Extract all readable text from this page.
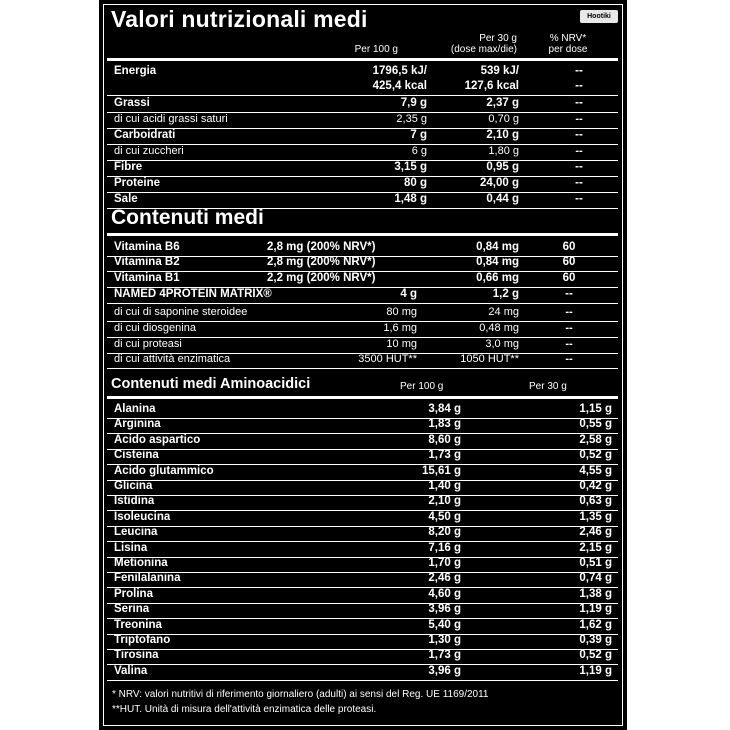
Valori nutrizionali medi	Hootiki
Per 100 g
Per 30 g
(dose max/die)
% NRV*
per dose
Energia	1796,5 kJ/	539 kJ/	--
425,4 kcal	127,6 kcal	--
Grassi	7,9 g	2,37 g	--
di cui acidi grassi saturi	2,35 g	0,70 g	--
Carboidrati	7 g	2,10 g	--
di cui zuccheri	6 g	1,80 g	--
Fibre	3,15 g	0,95 g	--
Proteine	80 g	24,00 g	--
Sale	1,48 g	0,44 g	--
Contenuti medi
Vitamina B6	2,8 mg (200% NRV*)	0,84 mg	60
Vitamina B2	2,8 mg (200% NRV*)	0,84 mg	60
Vitamina B1	2,2 mg (200% NRV*)	0,66 mg	60
NAMED 4PROTEIN MATRIX®	4 g	1,2 g	--
di cui di saponine steroidee	80 mg	24 mg	--
di cui diosgenina	1,6 mg	0,48 mg	--
di cui proteasi	10 mg	3,0 mg	--
di cui attività enzimatica	3500 HUT**	1050 HUT**	--
Contenuti medi Aminoacidici	Per 100 g	Per 30 g
Alanina	3,84 g	1,15 g
Arginina	1,83 g	0,55 g
Acido aspartico	8,60 g	2,58 g
Cisteina	1,73 g	0,52 g
Acido glutammico	15,61 g	4,55 g
Glicina	1,40 g	0,42 g
Istidina	2,10 g	0,63 g
Isoleucina	4,50 g	1,35 g
Leucina	8,20 g	2,46 g
Lisina	7,16 g	2,15 g
Metionina	1,70 g	0,51 g
Fenilalanina	2,46 g	0,74 g
Prolina	4,60 g	1,38 g
Serina	3,96 g	1,19 g
Treonina	5,40 g	1,62 g
Triptofano	1,30 g	0,39 g
Tirosina	1,73 g	0,52 g
Valina	3,96 g	1,19 g
* NRV: valori nutritivi di riferimento giornaliero (adulti) ai sensi del Reg. UE 1169/2011
**HUT. Unità di misura dell'attività enzimatica delle proteasi.
